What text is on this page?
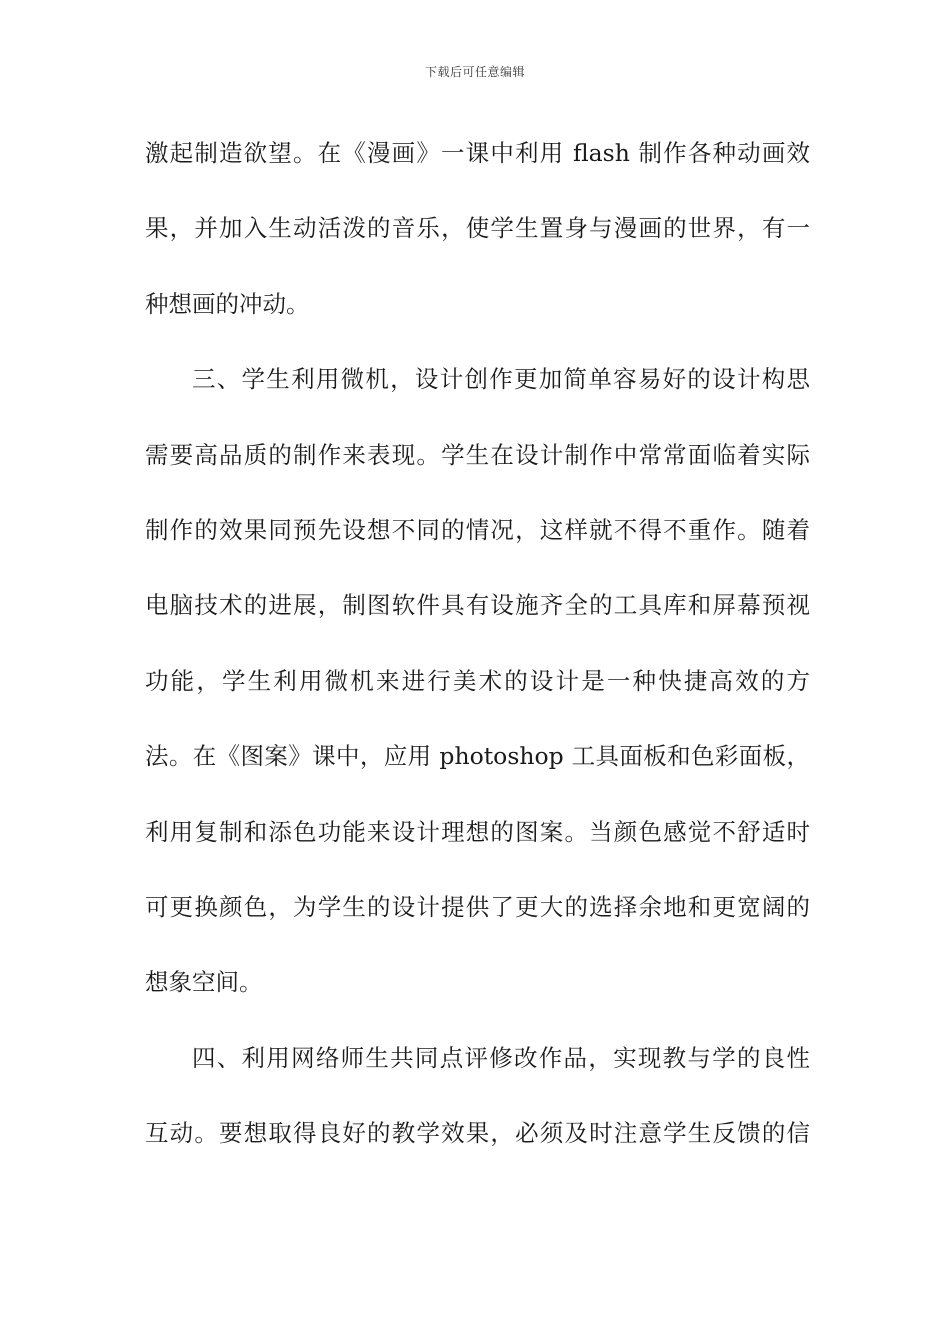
下载后可任意编辑
激起制造欲望。在《漫画》一课中利用 flash 制作各种动画效
果，并加入生动活泼的音乐，使学生置身与漫画的世界，有一
种想画的冲动。
三、学生利用微机，设计创作更加简单容易好的设计构思
需要高品质的制作来表现。学生在设计制作中常常面临着实际
制作的效果同预先设想不同的情况，这样就不得不重作。随着
电脑技术的进展，制图软件具有设施齐全的工具库和屏幕预视
功能，学生利用微机来进行美术的设计是一种快捷高效的方
法。在《图案》课中，应用 photoshop 工具面板和色彩面板，
利用复制和添色功能来设计理想的图案。当颜色感觉不舒适时
可更换颜色，为学生的设计提供了更大的选择余地和更宽阔的
想象空间。
四、利用网络师生共同点评修改作品，实现教与学的良性
互动。要想取得良好的教学效果，必须及时注意学生反馈的信
